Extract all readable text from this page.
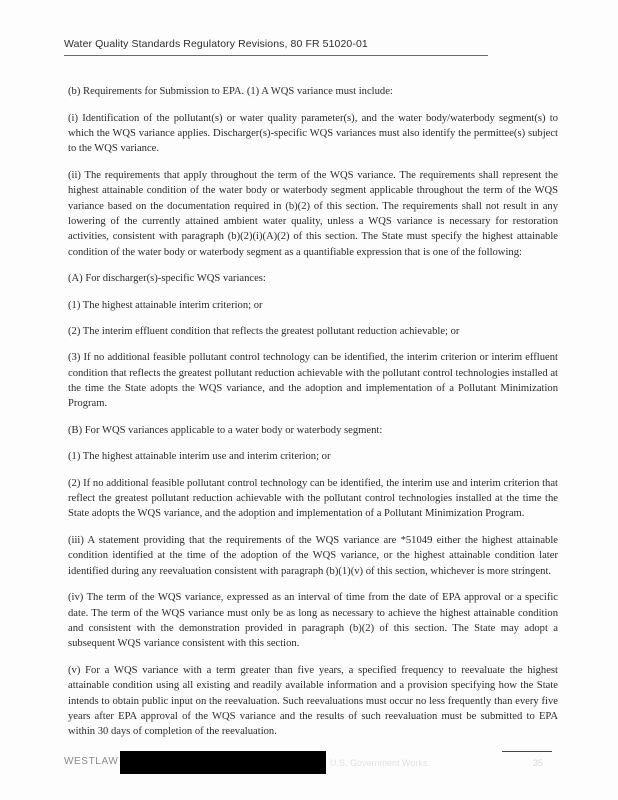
Water Quality Standards Regulatory Revisions, 80 FR 51020-01

(b) Requirements for Submission to EPA. (1) A WQS variance must include:

(i) Identification of the pollutant(s) or water quality parameter(s), and the water body/waterbody segment(s) to which the WQS variance applies. Discharger(s)-specific WQS variances must also identify the permittee(s) subject to the WQS variance.

(ii) The requirements that apply throughout the term of the WQS variance. The requirements shall represent the highest attainable condition of the water body or waterbody segment applicable throughout the term of the WQS variance based on the documentation required in (b)(2) of this section. The requirements shall not result in any lowering of the currently attained ambient water quality, unless a WQS variance is necessary for restoration activities, consistent with paragraph (b)(2)(i)(A)(2) of this section. The State must specify the highest attainable condition of the water body or waterbody segment as a quantifiable expression that is one of the following:

(A) For discharger(s)-specific WQS variances:

(1) The highest attainable interim criterion; or

(2) The interim effluent condition that reflects the greatest pollutant reduction achievable; or

(3) If no additional feasible pollutant control technology can be identified, the interim criterion or interim effluent condition that reflects the greatest pollutant reduction achievable with the pollutant control technologies installed at the time the State adopts the WQS variance, and the adoption and implementation of a Pollutant Minimization Program.

(B) For WQS variances applicable to a water body or waterbody segment:

(1) The highest attainable interim use and interim criterion; or

(2) If no additional feasible pollutant control technology can be identified, the interim use and interim criterion that reflect the greatest pollutant reduction achievable with the pollutant control technologies installed at the time the State adopts the WQS variance, and the adoption and implementation of a Pollutant Minimization Program.

(iii) A statement providing that the requirements of the WQS variance are *51049 either the highest attainable condition identified at the time of the adoption of the WQS variance, or the highest attainable condition later identified during any reevaluation consistent with paragraph (b)(1)(v) of this section, whichever is more stringent.

(iv) The term of the WQS variance, expressed as an interval of time from the date of EPA approval or a specific date. The term of the WQS variance must only be as long as necessary to achieve the highest attainable condition and consistent with the demonstration provided in paragraph (b)(2) of this section. The State may adopt a subsequent WQS variance consistent with this section.

(v) For a WQS variance with a term greater than five years, a specified frequency to reevaluate the highest attainable condition using all existing and readily available information and a provision specifying how the State intends to obtain public input on the reevaluation. Such reevaluations must occur no less frequently than every five years after EPA approval of the WQS variance and the results of such reevaluation must be submitted to EPA within 30 days of completion of the reevaluation.

WESTLAW	U.S. Government Works.	35
